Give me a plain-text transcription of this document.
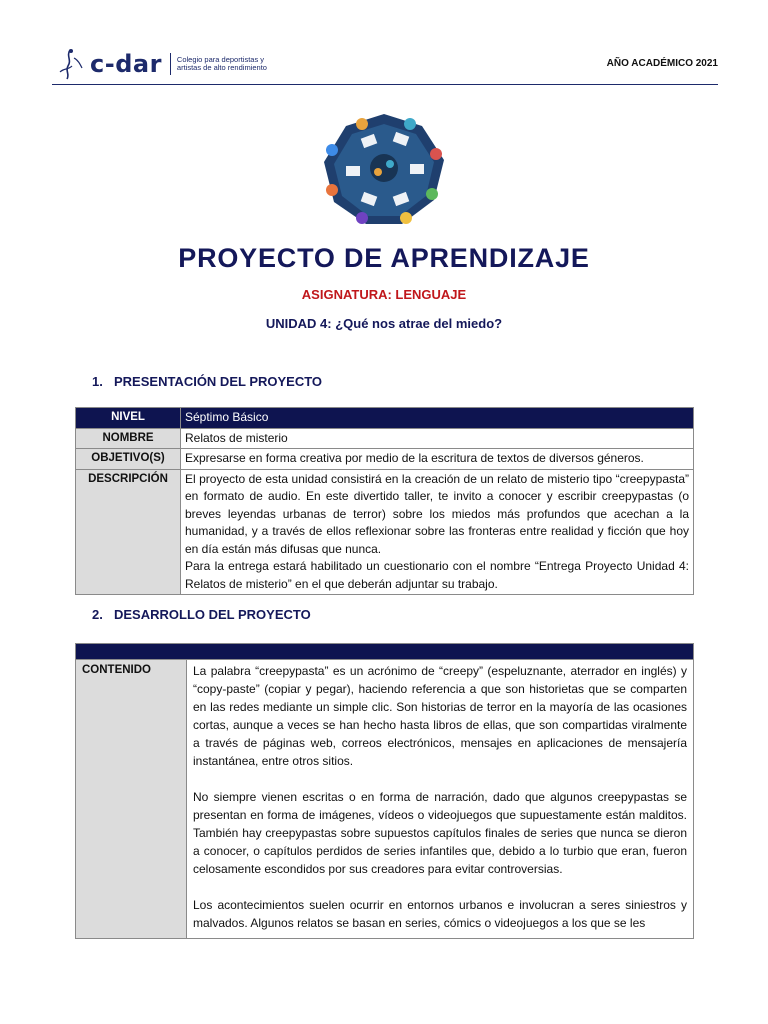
c-dar Colegio para deportistas y
artistas de alto rendimiento	AÑO ACADÉMICO 2021
PROYECTO DE APRENDIZAJE
ASIGNATURA: LENGUAJE
UNIDAD 4: ¿Qué nos atrae del miedo?
1. PRESENTACIÓN DEL PROYECTO
NIVEL	Séptimo Básico
NOMBRE	Relatos de misterio
OBJETIVO(S)	Expresarse en forma creativa por medio de la escritura de textos de diversos géneros.
DESCRIPCIÓN	El proyecto de esta unidad consistirá en la creación de un relato de misterio tipo “creepypasta” en formato de audio. En este divertido taller, te invito a conocer y escribir creepypastas (o breves leyendas urbanas de terror) sobre los miedos más profundos que acechan a la humanidad, y a través de ellos reflexionar sobre las fronteras entre realidad y ficción que hoy en día están más difusas que nunca.
Para la entrega estará habilitado un cuestionario con el nombre “Entrega Proyecto Unidad 4: Relatos de misterio” en el que deberán adjuntar su trabajo.
2. DESARROLLO DEL PROYECTO

CONTENIDO	La palabra “creepypasta” es un acrónimo de “creepy” (espeluznante, aterrador en inglés) y “copy-paste” (copiar y pegar), haciendo referencia a que son historietas que se comparten en las redes mediante un simple clic. Son historias de terror en la mayoría de las ocasiones cortas, aunque a veces se han hecho hasta libros de ellas, que son compartidas viralmente a través de páginas web, correos electrónicos, mensajes en aplicaciones de mensajería instantánea, entre otros sitios.

No siempre vienen escritas o en forma de narración, dado que algunos creepypastas se presentan en forma de imágenes, vídeos o videojuegos que supuestamente están malditos. También hay creepypastas sobre supuestos capítulos finales de series que nunca se dieron a conocer, o capítulos perdidos de series infantiles que, debido a lo turbio que eran, fueron celosamente escondidos por sus creadores para evitar controversias.

Los acontecimientos suelen ocurrir en entornos urbanos e involucran a seres siniestros y malvados. Algunos relatos se basan en series, cómics o videojuegos a los que se les
